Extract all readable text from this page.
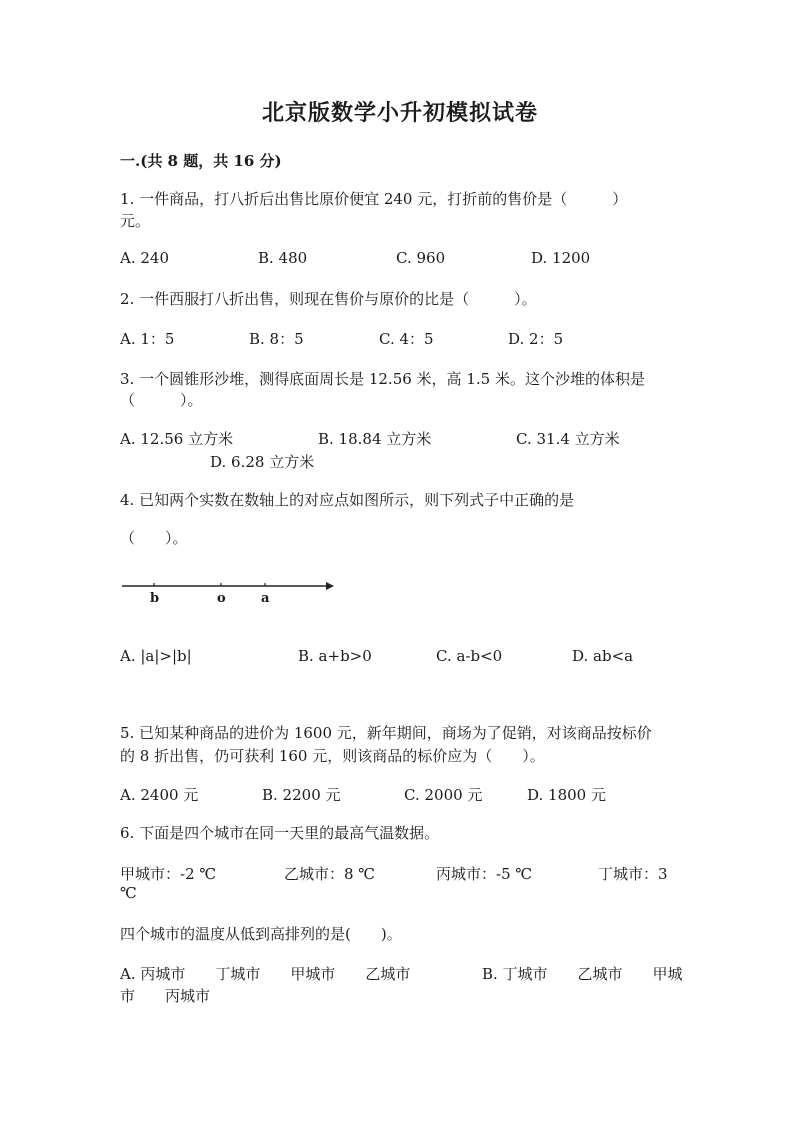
北京版数学小升初模拟试卷
一.(共 8 题，共 16 分)
1. 一件商品，打八折后出售比原价便宜 240 元，打折前的售价是（　　　）
元。
A. 240	B. 480	C. 960	D. 1200
2. 一件西服打八折出售，则现在售价与原价的比是（　　　）。
A. 1：5	B. 8：5	C. 4：5	D. 2：5
3. 一个圆锥形沙堆，测得底面周长是 12.56 米，高 1.5 米。这个沙堆的体积是
（　　　）。
A. 12.56 立方米	B. 18.84 立方米	C. 31.4 立方米
D. 6.28 立方米
4. 已知两个实数在数轴上的对应点如图所示，则下列式子中正确的是
（　　）。
b	o	a
A. |a|>|b|	B. a+b>0	C. a-b<0	D. ab<a
5. 已知某种商品的进价为 1600 元，新年期间，商场为了促销，对该商品按标价
的 8 折出售，仍可获利 160 元，则该商品的标价应为（　　）。
A. 2400 元	B. 2200 元	C. 2000 元	D. 1800 元
6. 下面是四个城市在同一天里的最高气温数据。
甲城市：-2 ℃	乙城市：8 ℃	丙城市：-5 ℃	丁城市：3
℃
四个城市的温度从低到高排列的是(　　)。
A. 丙城市　　丁城市　　甲城市　　乙城市	B. 丁城市　　乙城市　　甲城
市　　丙城市
